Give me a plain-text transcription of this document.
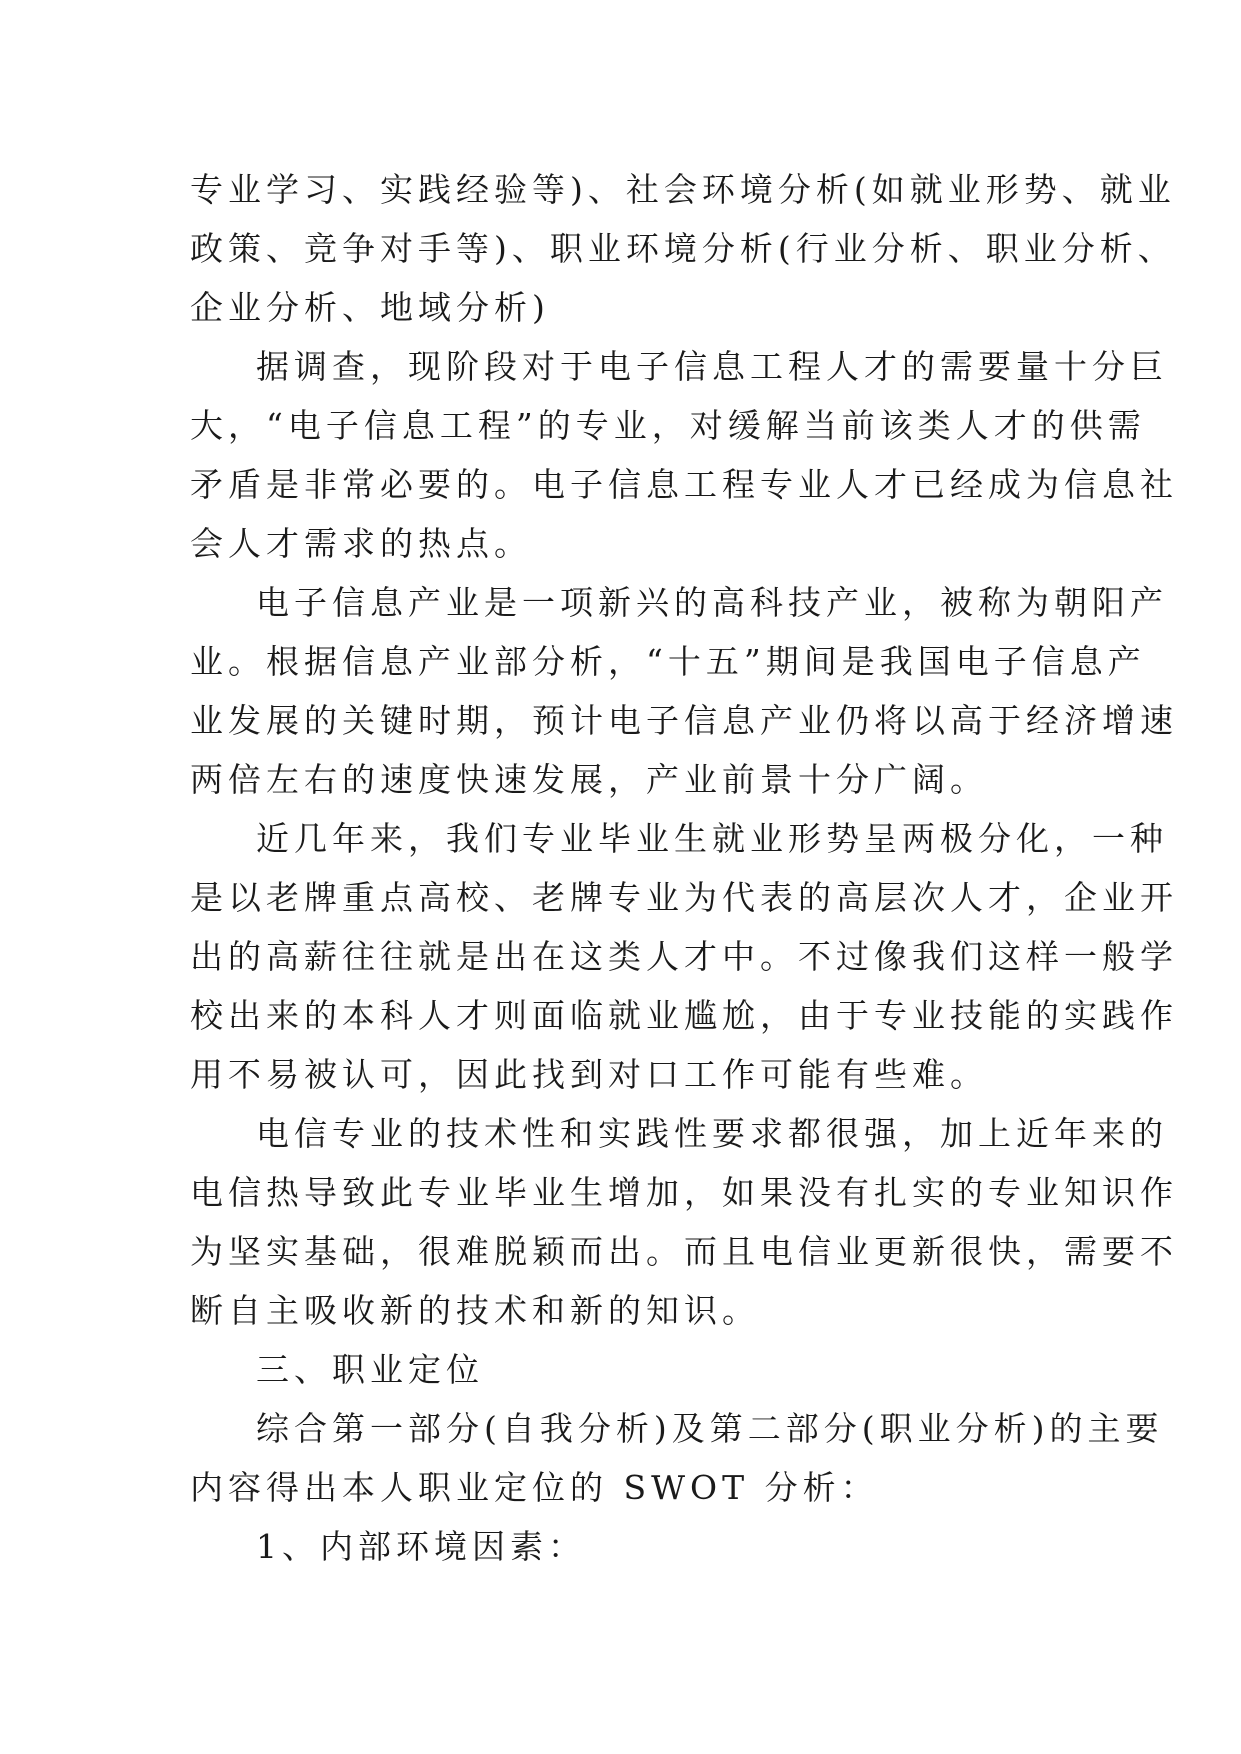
专业学习、实践经验等)、社会环境分析(如就业形势、就业
政策、竞争对手等)、职业环境分析(行业分析、职业分析、
企业分析、地域分析)
据调查，现阶段对于电子信息工程人才的需要量十分巨
大，“电子信息工程”的专业，对缓解当前该类人才的供需
矛盾是非常必要的。电子信息工程专业人才已经成为信息社
会人才需求的热点。
电子信息产业是一项新兴的高科技产业，被称为朝阳产
业。根据信息产业部分析，“十五”期间是我国电子信息产
业发展的关键时期，预计电子信息产业仍将以高于经济增速
两倍左右的速度快速发展，产业前景十分广阔。
近几年来，我们专业毕业生就业形势呈两极分化，一种
是以老牌重点高校、老牌专业为代表的高层次人才，企业开
出的高薪往往就是出在这类人才中。不过像我们这样一般学
校出来的本科人才则面临就业尴尬，由于专业技能的实践作
用不易被认可，因此找到对口工作可能有些难。
电信专业的技术性和实践性要求都很强，加上近年来的
电信热导致此专业毕业生增加，如果没有扎实的专业知识作
为坚实基础，很难脱颖而出。而且电信业更新很快，需要不
断自主吸收新的技术和新的知识。
三、职业定位
综合第一部分(自我分析)及第二部分(职业分析)的主要
内容得出本人职业定位的 SWOT 分析：
1、内部环境因素：
